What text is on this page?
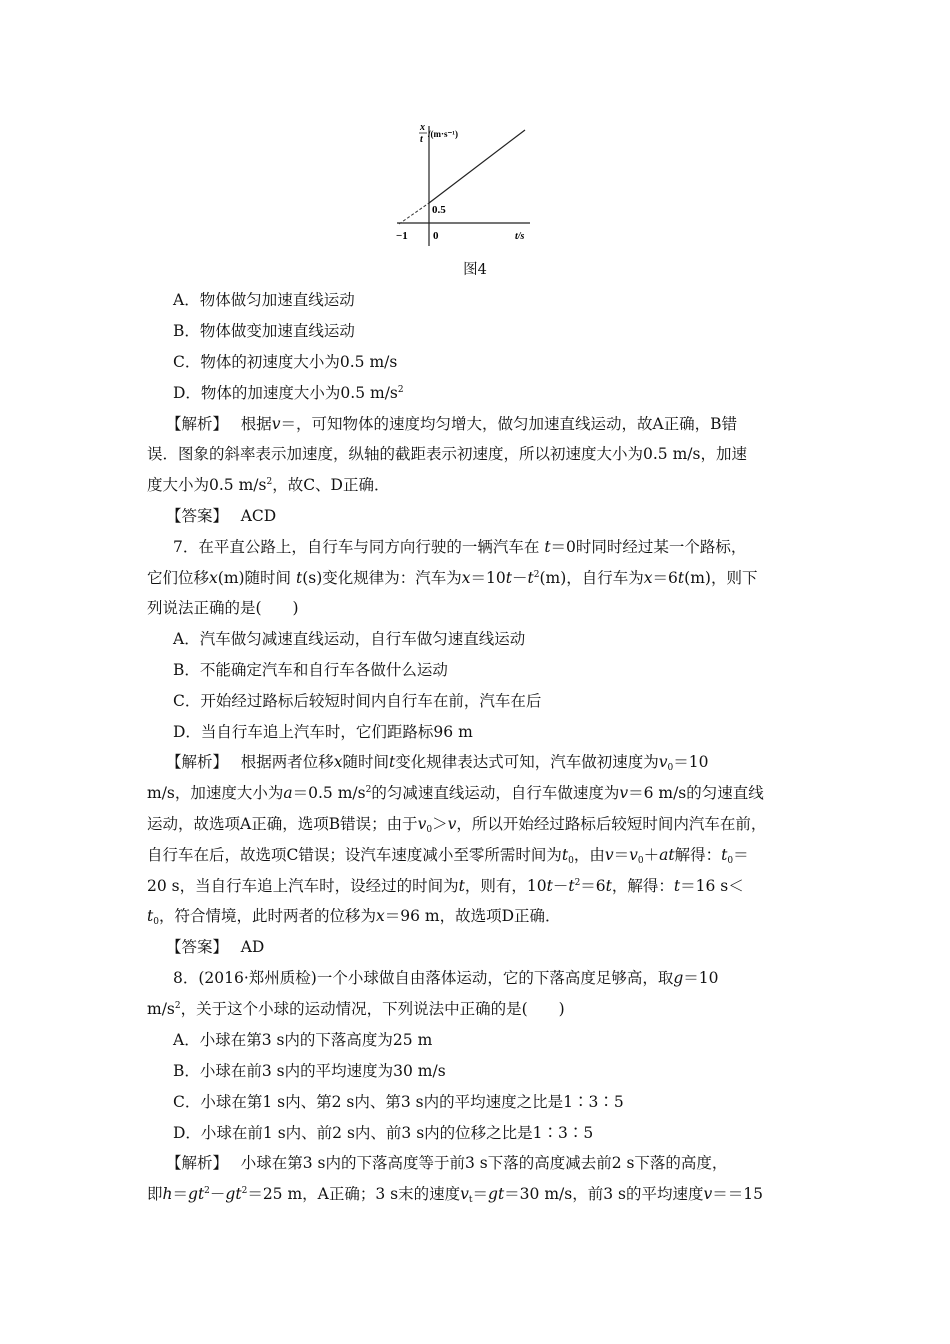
x
t /(m·s⁻¹)
0.5
−1 0	t/s
图4
A．物体做匀加速直线运动
B．物体做变加速直线运动
C．物体的初速度大小为0.5 m/s
D．物体的加速度大小为0.5 $m/s^2$
【解析】　 根据v＝，可知物体的速度均匀增大，做匀加速直线运动，故A正确，B错
误．图象的斜率表示加速度，纵轴的截距表示初速度，所以初速度大小为0.5 m/s，加速
度大小为0.5 $m/s^2$，故C、D正确．
【答案】　 ACD
7．在平直公路上，自行车与同方向行驶的一辆汽车在 t＝0时同时经过某一个路标，
它们位移x(m)随时间 t(s)变化规律为：汽车为$x=10t-t^2(m)$，自行车为x＝6t(m)，则下
列说法正确的是(　　)
A．汽车做匀减速直线运动，自行车做匀速直线运动
B．不能确定汽车和自行车各做什么运动
C．开始经过路标后较短时间内自行车在前，汽车在后
D．当自行车追上汽车时，它们距路标96 m
【解析】　 根据两者位移x随时间t变化规律表达式可知，汽车做初速度为$v_0=10$
m/s，加速度大小为a＝0.5 $m/s^2$的匀减速直线运动，自行车做速度为v＝6 m/s的匀速直线
运动，故选项A正确，选项B错误；由于$v_0>v$，所以开始经过路标后较短时间内汽车在前，
自行车在后，故选项C错误；设汽车速度减小至零所需时间为$t_0$，由$v=v_0+at$解得：$t_0=$
20 s，当自行车追上汽车时，设经过的时间为t，则有，$10t-t^2=6t$，解得：t＝16 s＜
$t_0$，符合情境，此时两者的位移为x＝96 m，故选项D正确．
【答案】　 AD
8．(2016·郑州质检)一个小球做自由落体运动，它的下落高度足够高，取g＝10
$m/s^2$，关于这个小球的运动情况，下列说法中正确的是(　　)
A．小球在第3 s内的下落高度为25 m
B．小球在前3 s内的平均速度为30 m/s
C．小球在第1 s内、第2 s内、第3 s内的平均速度之比是1∶3∶5
D．小球在前1 s内、前2 s内、前3 s内的位移之比是1∶3∶5
【解析】　 小球在第3 s内的下落高度等于前3 s下落的高度减去前2 s下落的高度，
即$h=gt^2-gt^2=25$ m，A正确；3 s末的速度$v_t=gt=30$ m/s，前3 s的平均速度v＝＝15
